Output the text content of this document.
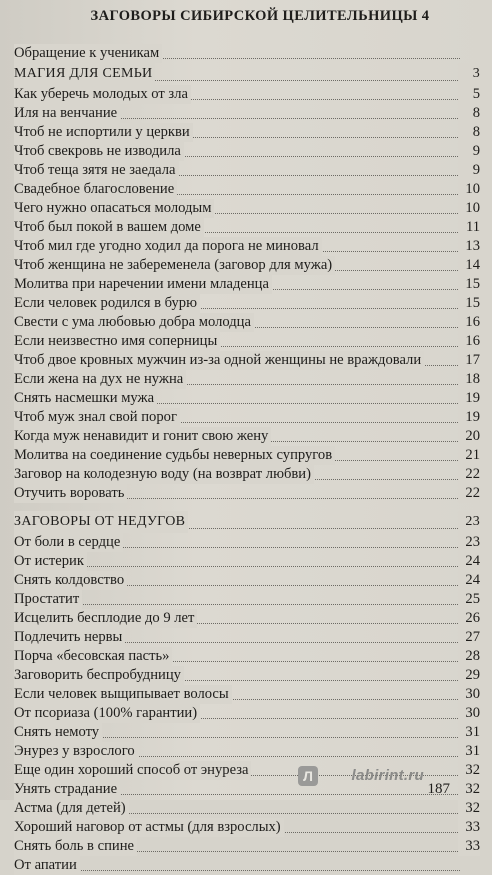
ЗАГОВОРЫ СИБИРСКОЙ ЦЕЛИТЕЛЬНИЦЫ 4
Обращение к ученикам
МАГИЯ ДЛЯ СЕМЬИ	3
Как уберечь молодых от зла	5
Иля на венчание	8
Чтоб не испортили у церкви	8
Чтоб свекровь не изводила	9
Чтоб теща зятя не заедала	9
Свадебное благословение	10
Чего нужно опасаться молодым	10
Чтоб был покой в вашем доме	11
Чтоб мил где угодно ходил да порога не миновал	13
Чтоб женщина не забеременела (заговор для мужа)	14
Молитва при наречении имени младенца	15
Если человек родился в бурю	15
Свести с ума любовью добра молодца	16
Если неизвестно имя соперницы	16
Чтоб двое кровных мужчин из-за одной женщины не враждовали	17
Если жена на дух не нужна	18
Снять насмешки мужа	19
Чтоб муж знал свой порог	19
Когда муж ненавидит и гонит свою жену	20
Молитва на соединение судьбы неверных супругов	21
Заговор на колодезную воду (на возврат любви)	22
Отучить воровать	22
ЗАГОВОРЫ ОТ НЕДУГОВ	23
От боли в сердце	23
От истерик	24
Снять колдовство	24
Простатит	25
Исцелить бесплодие до 9 лет	26
Подлечить нервы	27
Порча «бесовская пасть»	28
Заговорить беспробудницу	29
Если человек выщипывает волосы	30
От псориаза (100% гарантии)	30
Снять немоту	31
Энурез у взрослого	31
Еще один хороший способ от энуреза	32
Унять страдание	32
Астма (для детей)	32
Хороший наговор от астмы (для взрослых)	33
Снять боль в спине	33
От апатии
187
Л	labirint.ru
